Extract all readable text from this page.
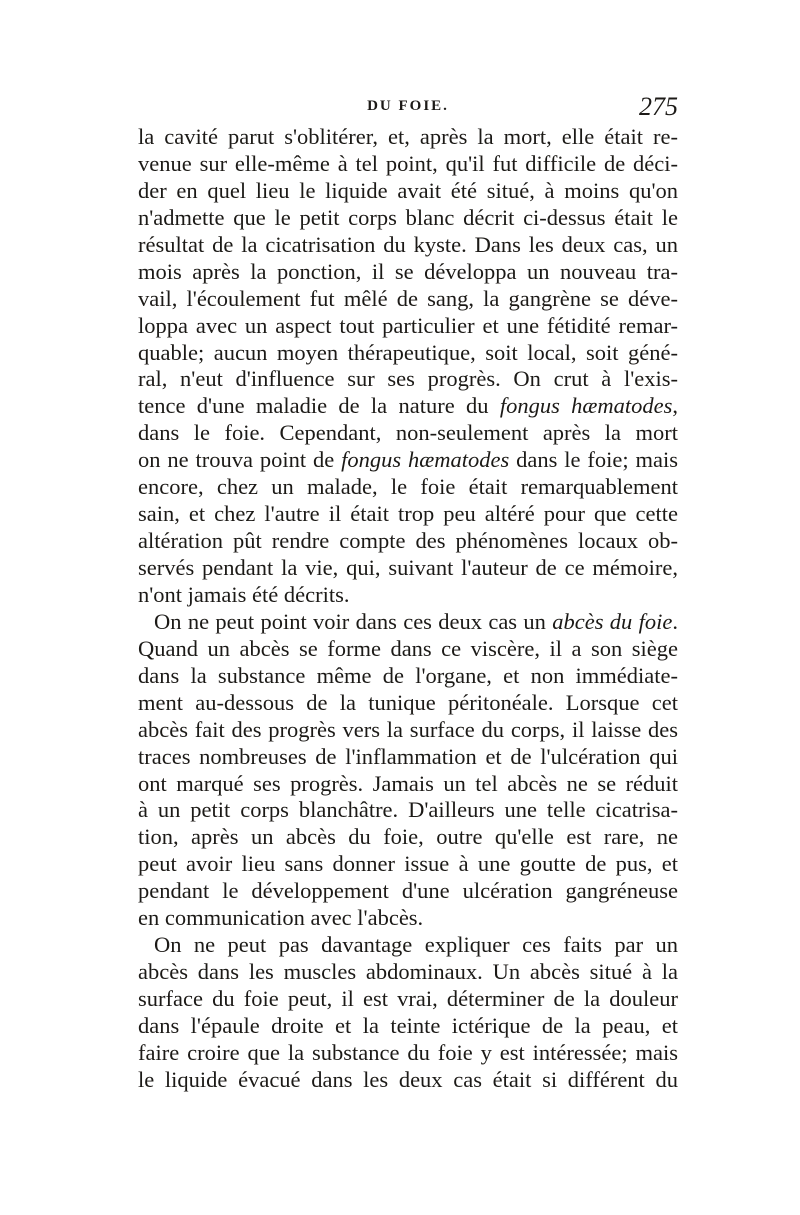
DU FOIE.	275
la cavité parut s'oblitérer, et, après la mort, elle était re-
venue sur elle-même à tel point, qu'il fut difficile de déci-
der en quel lieu le liquide avait été situé, à moins qu'on
n'admette que le petit corps blanc décrit ci-dessus était le
résultat de la cicatrisation du kyste. Dans les deux cas, un
mois après la ponction, il se développa un nouveau tra-
vail, l'écoulement fut mêlé de sang, la gangrène se déve-
loppa avec un aspect tout particulier et une fétidité remar-
quable; aucun moyen thérapeutique, soit local, soit géné-
ral, n'eut d'influence sur ses progrès. On crut à l'exis-
tence d'une maladie de la nature du fongus hæmatodes,
dans le foie. Cependant, non-seulement après la mort
on ne trouva point de fongus hæmatodes dans le foie; mais
encore, chez un malade, le foie était remarquablement
sain, et chez l'autre il était trop peu altéré pour que cette
altération pût rendre compte des phénomènes locaux ob-
servés pendant la vie, qui, suivant l'auteur de ce mémoire,
n'ont jamais été décrits.
On ne peut point voir dans ces deux cas un abcès du foie.
Quand un abcès se forme dans ce viscère, il a son siège
dans la substance même de l'organe, et non immédiate-
ment au-dessous de la tunique péritonéale. Lorsque cet
abcès fait des progrès vers la surface du corps, il laisse des
traces nombreuses de l'inflammation et de l'ulcération qui
ont marqué ses progrès. Jamais un tel abcès ne se réduit
à un petit corps blanchâtre. D'ailleurs une telle cicatrisa-
tion, après un abcès du foie, outre qu'elle est rare, ne
peut avoir lieu sans donner issue à une goutte de pus, et
pendant le développement d'une ulcération gangréneuse
en communication avec l'abcès.
On ne peut pas davantage expliquer ces faits par un
abcès dans les muscles abdominaux. Un abcès situé à la
surface du foie peut, il est vrai, déterminer de la douleur
dans l'épaule droite et la teinte ictérique de la peau, et
faire croire que la substance du foie y est intéressée; mais
le liquide évacué dans les deux cas était si différent du
